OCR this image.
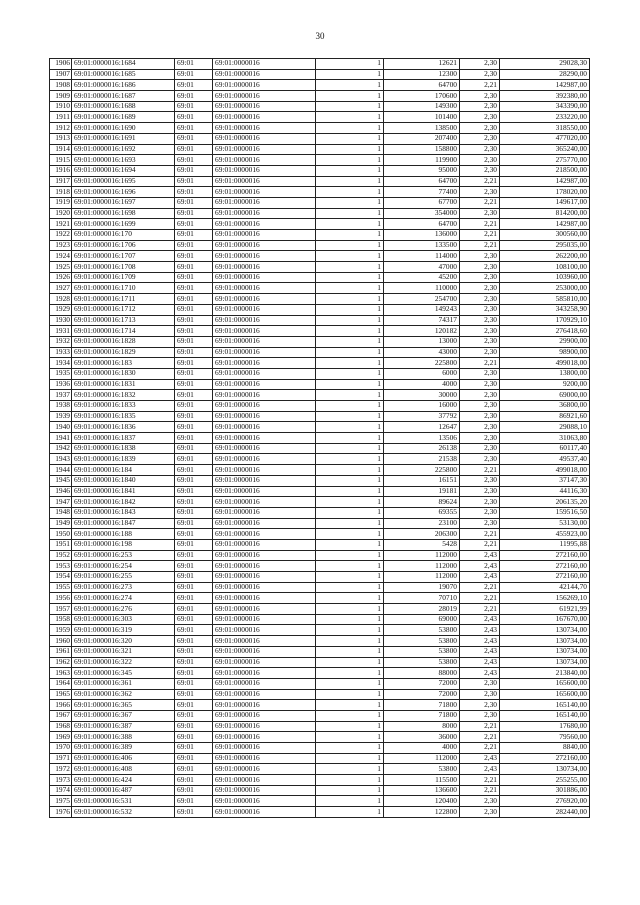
30
1906	69:01:0000016:1684	69:01	69:01:0000016	1	12621	2,30	29028,30
1907	69:01:0000016:1685	69:01	69:01:0000016	1	12300	2,30	28290,00
1908	69:01:0000016:1686	69:01	69:01:0000016	1	64700	2,21	142987,00
1909	69:01:0000016:1687	69:01	69:01:0000016	1	170600	2,30	392380,00
1910	69:01:0000016:1688	69:01	69:01:0000016	1	149300	2,30	343390,00
1911	69:01:0000016:1689	69:01	69:01:0000016	1	101400	2,30	233220,00
1912	69:01:0000016:1690	69:01	69:01:0000016	1	138500	2,30	318550,00
1913	69:01:0000016:1691	69:01	69:01:0000016	1	207400	2,30	477020,00
1914	69:01:0000016:1692	69:01	69:01:0000016	1	158800	2,30	365240,00
1915	69:01:0000016:1693	69:01	69:01:0000016	1	119900	2,30	275770,00
1916	69:01:0000016:1694	69:01	69:01:0000016	1	95000	2,30	218500,00
1917	69:01:0000016:1695	69:01	69:01:0000016	1	64700	2,21	142987,00
1918	69:01:0000016:1696	69:01	69:01:0000016	1	77400	2,30	178020,00
1919	69:01:0000016:1697	69:01	69:01:0000016	1	67700	2,21	149617,00
1920	69:01:0000016:1698	69:01	69:01:0000016	1	354000	2,30	814200,00
1921	69:01:0000016:1699	69:01	69:01:0000016	1	64700	2,21	142987,00
1922	69:01:0000016:170	69:01	69:01:0000016	1	136000	2,21	300560,00
1923	69:01:0000016:1706	69:01	69:01:0000016	1	133500	2,21	295035,00
1924	69:01:0000016:1707	69:01	69:01:0000016	1	114000	2,30	262200,00
1925	69:01:0000016:1708	69:01	69:01:0000016	1	47000	2,30	108100,00
1926	69:01:0000016:1709	69:01	69:01:0000016	1	45200	2,30	103960,00
1927	69:01:0000016:1710	69:01	69:01:0000016	1	110000	2,30	253000,00
1928	69:01:0000016:1711	69:01	69:01:0000016	1	254700	2,30	585810,00
1929	69:01:0000016:1712	69:01	69:01:0000016	1	149243	2,30	343258,90
1930	69:01:0000016:1713	69:01	69:01:0000016	1	74317	2,30	170929,10
1931	69:01:0000016:1714	69:01	69:01:0000016	1	120182	2,30	276418,60
1932	69:01:0000016:1828	69:01	69:01:0000016	1	13000	2,30	29900,00
1933	69:01:0000016:1829	69:01	69:01:0000016	1	43000	2,30	98900,00
1934	69:01:0000016:183	69:01	69:01:0000016	1	225800	2,21	499018,00
1935	69:01:0000016:1830	69:01	69:01:0000016	1	6000	2,30	13800,00
1936	69:01:0000016:1831	69:01	69:01:0000016	1	4000	2,30	9200,00
1937	69:01:0000016:1832	69:01	69:01:0000016	1	30000	2,30	69000,00
1938	69:01:0000016:1833	69:01	69:01:0000016	1	16000	2,30	36800,00
1939	69:01:0000016:1835	69:01	69:01:0000016	1	37792	2,30	86921,60
1940	69:01:0000016:1836	69:01	69:01:0000016	1	12647	2,30	29088,10
1941	69:01:0000016:1837	69:01	69:01:0000016	1	13506	2,30	31063,80
1942	69:01:0000016:1838	69:01	69:01:0000016	1	26138	2,30	60117,40
1943	69:01:0000016:1839	69:01	69:01:0000016	1	21538	2,30	49537,40
1944	69:01:0000016:184	69:01	69:01:0000016	1	225800	2,21	499018,00
1945	69:01:0000016:1840	69:01	69:01:0000016	1	16151	2,30	37147,30
1946	69:01:0000016:1841	69:01	69:01:0000016	1	19181	2,30	44116,30
1947	69:01:0000016:1842	69:01	69:01:0000016	1	89624	2,30	206135,20
1948	69:01:0000016:1843	69:01	69:01:0000016	1	69355	2,30	159516,50
1949	69:01:0000016:1847	69:01	69:01:0000016	1	23100	2,30	53130,00
1950	69:01:0000016:188	69:01	69:01:0000016	1	206300	2,21	455923,00
1951	69:01:0000016:198	69:01	69:01:0000016	1	5428	2,21	11995,88
1952	69:01:0000016:253	69:01	69:01:0000016	1	112000	2,43	272160,00
1953	69:01:0000016:254	69:01	69:01:0000016	1	112000	2,43	272160,00
1954	69:01:0000016:255	69:01	69:01:0000016	1	112000	2,43	272160,00
1955	69:01:0000016:273	69:01	69:01:0000016	1	19070	2,21	42144,70
1956	69:01:0000016:274	69:01	69:01:0000016	1	70710	2,21	156269,10
1957	69:01:0000016:276	69:01	69:01:0000016	1	28019	2,21	61921,99
1958	69:01:0000016:303	69:01	69:01:0000016	1	69000	2,43	167670,00
1959	69:01:0000016:319	69:01	69:01:0000016	1	53800	2,43	130734,00
1960	69:01:0000016:320	69:01	69:01:0000016	1	53800	2,43	130734,00
1961	69:01:0000016:321	69:01	69:01:0000016	1	53800	2,43	130734,00
1962	69:01:0000016:322	69:01	69:01:0000016	1	53800	2,43	130734,00
1963	69:01:0000016:345	69:01	69:01:0000016	1	88000	2,43	213840,00
1964	69:01:0000016:361	69:01	69:01:0000016	1	72000	2,30	165600,00
1965	69:01:0000016:362	69:01	69:01:0000016	1	72000	2,30	165600,00
1966	69:01:0000016:365	69:01	69:01:0000016	1	71800	2,30	165140,00
1967	69:01:0000016:367	69:01	69:01:0000016	1	71800	2,30	165140,00
1968	69:01:0000016:387	69:01	69:01:0000016	1	8000	2,21	17680,00
1969	69:01:0000016:388	69:01	69:01:0000016	1	36000	2,21	79560,00
1970	69:01:0000016:389	69:01	69:01:0000016	1	4000	2,21	8840,00
1971	69:01:0000016:406	69:01	69:01:0000016	1	112000	2,43	272160,00
1972	69:01:0000016:408	69:01	69:01:0000016	1	53800	2,43	130734,00
1973	69:01:0000016:424	69:01	69:01:0000016	1	115500	2,21	255255,00
1974	69:01:0000016:487	69:01	69:01:0000016	1	136600	2,21	301886,00
1975	69:01:0000016:531	69:01	69:01:0000016	1	120400	2,30	276920,00
1976	69:01:0000016:532	69:01	69:01:0000016	1	122800	2,30	282440,00
